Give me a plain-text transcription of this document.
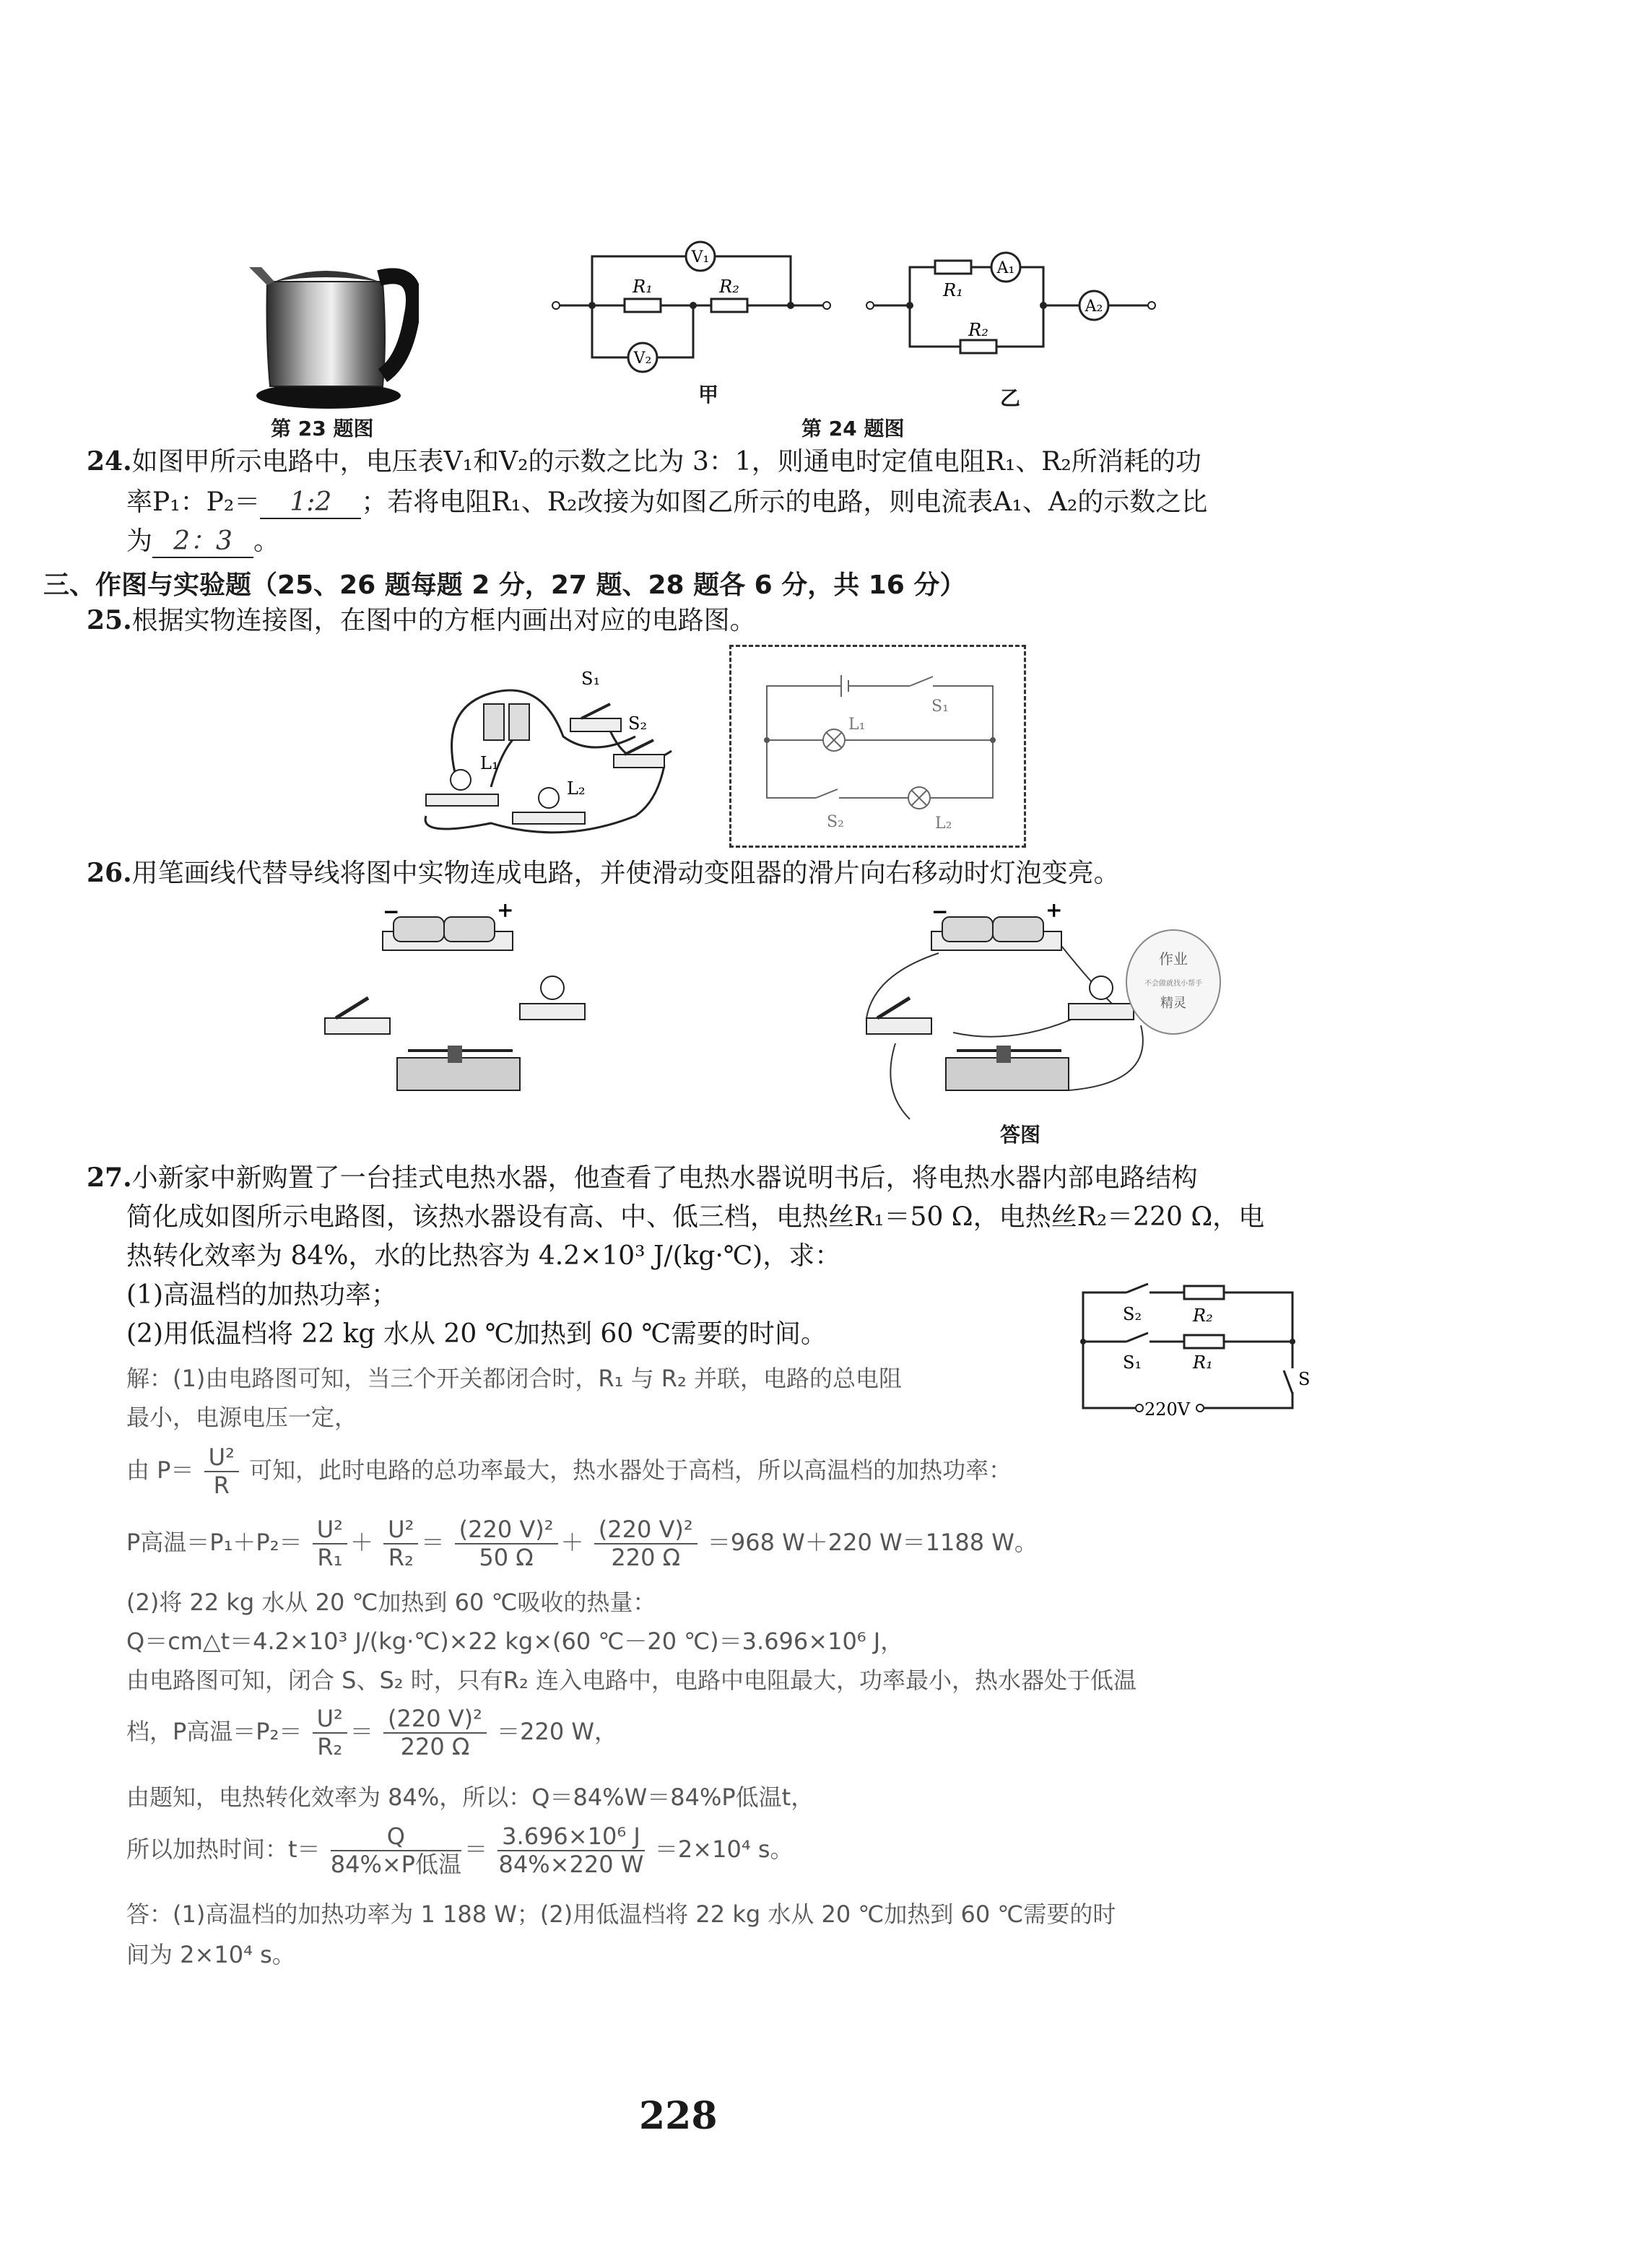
第 23 题图
V₁
V₂
R₁	R₂
甲
A₁
A₂
R₁
R₂
乙
第 24 题图
24.如图甲所示电路中，电压表V₁和V₂的示数之比为 3：1，则通电时定值电阻R₁、R₂所消耗的功
率P₁：P₂＝ 1:2 ；若将电阻R₁、R₂改接为如图乙所示的电路，则电流表A₁、A₂的示数之比
为 2：3 。
三、作图与实验题（25、26 题每题 2 分，27 题、28 题各 6 分，共 16 分）
25.根据实物连接图，在图中的方框内画出对应的电路图。
S₁
S₂
L₁
L₂
S₁
L₁
S₂	L₂
26.用笔画线代替导线将图中实物连成电路，并使滑动变阻器的滑片向右移动时灯泡变亮。
−	+	−	+
作业
不会做就找小帮手
精灵
答图
27.小新家中新购置了一台挂式电热水器，他查看了电热水器说明书后，将电热水器内部电路结构
简化成如图所示电路图，该热水器设有高、中、低三档，电热丝R₁＝50 Ω，电热丝R₂＝220 Ω，电
热转化效率为 84%，水的比热容为 4.2×10³ J/(kg·℃)，求：
(1)高温档的加热功率；
(2)用低温档将 22 kg 水从 20 ℃加热到 60 ℃需要的时间。
S₂
S₁
R₂
R₁
S
220V
解：(1)由电路图可知，当三个开关都闭合时，R₁ 与 R₂ 并联，电路的总电阻
最小，电源电压一定，
由 $P= \frac{\text{U²}}{R}$ 可知，此时电路的总功率最大，热水器处于高档，所以高温档的加热功率：
P高温$=P_1+P_2= \frac{\text{U²}}{\text{R₁}} + \frac{\text{U²}}{\text{R₂}} = \frac{\text{(220 V)²}}{50 \Omega} + \frac{\text{(220 V)²}}{220 \Omega} =968$ W＋220 W＝1188 W。
(2)将 22 kg 水从 20 ℃加热到 60 ℃吸收的热量：
Q＝cm△t＝4.2×10³ J/(kg·℃)×22 kg×(60 ℃－20 ℃)＝3.696×10⁶ J，
由电路图可知，闭合 S、S₂ 时，只有R₂ 连入电路中，电路中电阻最大，功率最小，热水器处于低温
档，P高温$=P_2= \frac{\text{U²}}{\text{R₂}} = \frac{\text{(220 V)²}}{220 \Omega} =220$ W，
由题知，电热转化效率为 84%，所以：Q＝84%W＝84%P低温t，
所以加热时间：$t= \frac{Q}{\text{84\%×P低温}} = \frac{\text{3.696×10⁶ J}}{84\%\times 220 W} =2\times 10^4$ s。
答：(1)高温档的加热功率为 1 188 W；(2)用低温档将 22 kg 水从 20 ℃加热到 60 ℃需要的时
间为 2×10⁴ s。
228
